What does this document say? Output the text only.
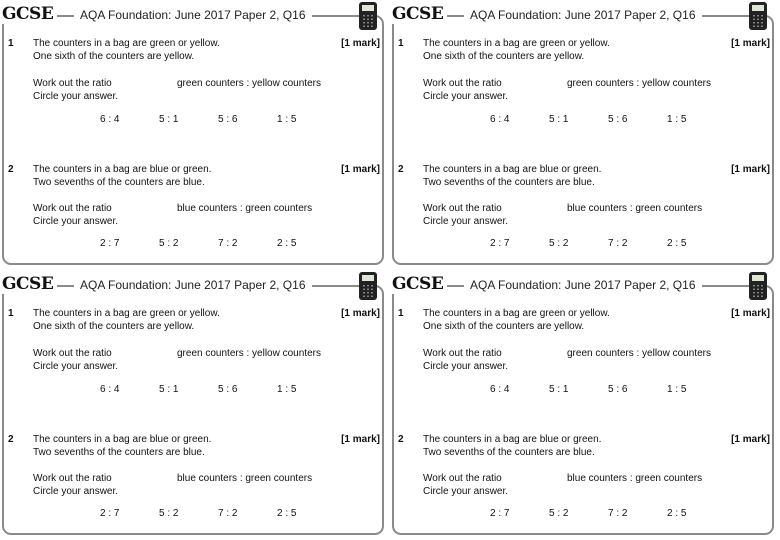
GCSE	AQA Foundation: June 2017 Paper 2, Q16
1	[1 mark]
The counters in a bag are green or yellow.
One sixth of the counters are yellow.
Work out the ratio	green counters : yellow counters
Circle your answer.
6 : 4	5 : 1	5 : 6	1 : 5
2	[1 mark]
The counters in a bag are blue or green.
Two sevenths of the counters are blue.
Work out the ratio	blue counters : green counters
Circle your answer.
2 : 7	5 : 2	7 : 2	2 : 5
GCSE	AQA Foundation: June 2017 Paper 2, Q16
1	[1 mark]
The counters in a bag are green or yellow.
One sixth of the counters are yellow.
Work out the ratio	green counters : yellow counters
Circle your answer.
6 : 4	5 : 1	5 : 6	1 : 5
2	[1 mark]
The counters in a bag are blue or green.
Two sevenths of the counters are blue.
Work out the ratio	blue counters : green counters
Circle your answer.
2 : 7	5 : 2	7 : 2	2 : 5
GCSE	AQA Foundation: June 2017 Paper 2, Q16
1	[1 mark]
The counters in a bag are green or yellow.
One sixth of the counters are yellow.
Work out the ratio	green counters : yellow counters
Circle your answer.
6 : 4	5 : 1	5 : 6	1 : 5
2	[1 mark]
The counters in a bag are blue or green.
Two sevenths of the counters are blue.
Work out the ratio	blue counters : green counters
Circle your answer.
2 : 7	5 : 2	7 : 2	2 : 5
GCSE	AQA Foundation: June 2017 Paper 2, Q16
1	[1 mark]
The counters in a bag are green or yellow.
One sixth of the counters are yellow.
Work out the ratio	green counters : yellow counters
Circle your answer.
6 : 4	5 : 1	5 : 6	1 : 5
2	[1 mark]
The counters in a bag are blue or green.
Two sevenths of the counters are blue.
Work out the ratio	blue counters : green counters
Circle your answer.
2 : 7	5 : 2	7 : 2	2 : 5
